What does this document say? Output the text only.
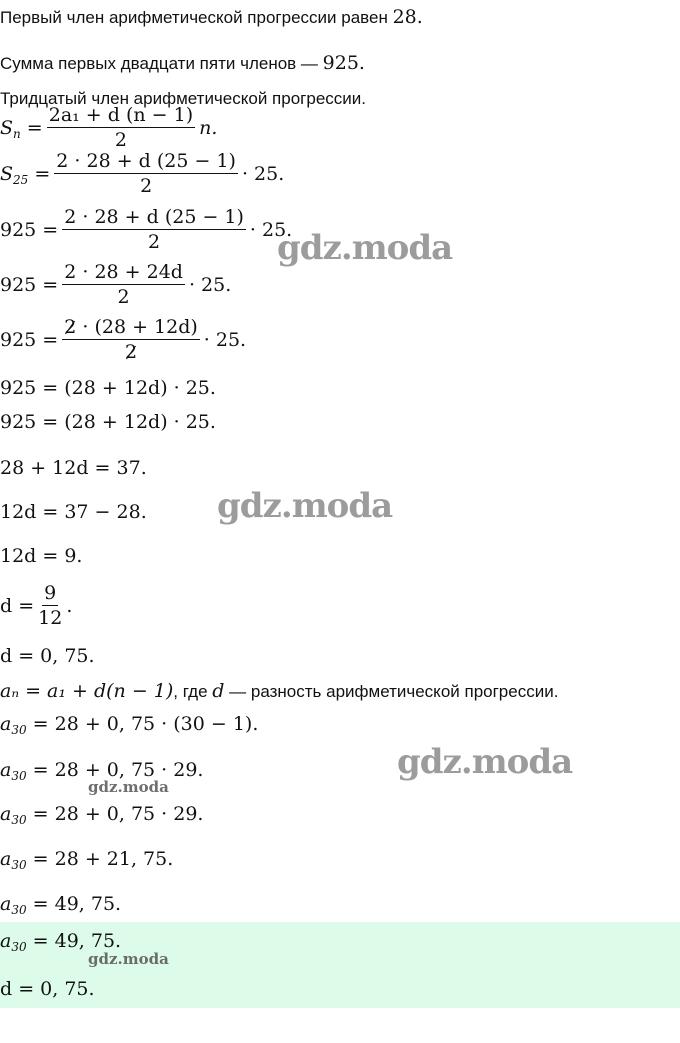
Первый член арифметической прогрессии равен 28.
Сумма первых двадцати пяти членов — 925.
Тридцатый член арифметической прогрессии.
$S_n = \frac{\text{2a₁ + d (n − 1)}}{2} n$.
$S_{25} = \frac{2 \cdot 28 + d (25 - 1)}{2} \cdot 25$.
$925 = \frac{2 \cdot 28 + d (25 - 1)}{2} \cdot 25$.
$925 = \frac{2 \cdot 28 + 24d}{2} \cdot 25$.
$925 = \frac{2 \cdot (28 + 12d)}{2} \cdot 25$.
925 = (28 + 12d) · 25.
925 = (28 + 12d) · 25.
28 + 12d = 37.
12d = 37 − 28.
12d = 9.
$d = \frac{9}{12}$ .
d = 0, 75.
aₙ = a₁ + d(n − 1), где d — разность арифметической прогрессии.
$a_{30} = 28 + 0$, 75 · (30 − 1).
$a_{30} = 28 + 0$, 75 · 29.
$a_{30} = 28 + 0$, 75 · 29.
$a_{30} = 28 + 21$, 75.
$a_{30} = 49$, 75.
$a_{30} = 49$, 75.
d = 0, 75.
gdz.moda
gdz.moda
gdz.moda
gdz.moda
gdz.moda
